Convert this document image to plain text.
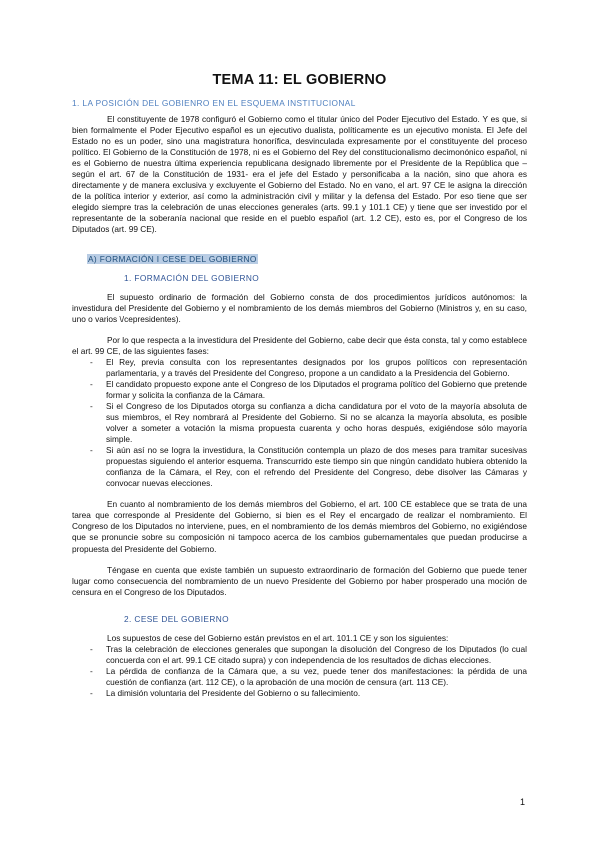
TEMA 11: EL GOBIERNO
1. LA POSICIÓN DEL GOBIENRO EN EL ESQUEMA INSTITUCIONAL

El constituyente de 1978 configuró el Gobierno como el titular único del Poder Ejecutivo del Estado. Y es que, si bien formalmente el Poder Ejecutivo español es un ejecutivo dualista, políticamente es un ejecutivo monista. El Jefe del Estado no es un poder, sino una magistratura honorífica, desvinculada expresamente por el constituyente del proceso político. El Gobierno de la Constitución de 1978, ni es el Gobierno del Rey del constitucionalismo decimonónico español, ni es el Gobierno de nuestra última experiencia republicana designado libremente por el Presidente de la República que –según el art. 67 de la Constitución de 1931- era el jefe del Estado y personificaba a la nación, sino que ahora es directamente y de manera exclusiva y excluyente el Gobierno del Estado. No en vano, el art. 97 CE le asigna la dirección de la política interior y exterior, así como la administración civil y militar y la defensa del Estado. Por eso tiene que ser elegido siempre tras la celebración de unas elecciones generales (arts. 99.1 y 101.1 CE) y tiene que ser investido por el representante de la soberanía nacional que reside en el pueblo español (art. 1.2 CE), esto es, por el Congreso de los Diputados (art. 99 CE).

A) FORMACIÓN I CESE DEL GOBIERNO
1. FORMACIÓN DEL GOBIERNO

El supuesto ordinario de formación del Gobierno consta de dos procedimientos jurídicos autónomos: la investidura del Presidente del Gobierno y el nombramiento de los demás miembros del Gobierno (Ministros y, en su caso, uno o varios \/cepresidentes).

Por lo que respecta a la investidura del Presidente del Gobierno, cabe decir que ésta consta, tal y como establece el art. 99 CE, de las siguientes fases:

- El Rey, previa consulta con los representantes designados por los grupos políticos con representación parlamentaria, y a través del Presidente del Congreso, propone a un candidato a la Presidencia del Gobierno.
- El candidato propuesto expone ante el Congreso de los Diputados el programa político del Gobierno que pretende formar y solicita la confianza de la Cámara.
- Si el Congreso de los Diputados otorga su confianza a dicha candidatura por el voto de la mayoría absoluta de sus miembros, el Rey nombrará al Presidente del Gobierno. Si no se alcanza la mayoría absoluta, es posible volver a someter a votación la misma propuesta cuarenta y ocho horas después, exigiéndose sólo mayoría simple.
- Si aún así no se logra la investidura, la Constitución contempla un plazo de dos meses para tramitar sucesivas propuestas siguiendo el anterior esquema. Transcurrido este tiempo sin que ningún candidato hubiera obtenido la confianza de la Cámara, el Rey, con el refrendo del Presidente del Congreso, debe disolver las Cámaras y convocar nuevas elecciones.

En cuanto al nombramiento de los demás miembros del Gobierno, el art. 100 CE establece que se trata de una tarea que corresponde al Presidente del Gobierno, si bien es el Rey el encargado de realizar el nombramiento. El Congreso de los Diputados no interviene, pues, en el nombramiento de los demás miembros del Gobierno, no exigiéndose que se pronuncie sobre su composición ni tampoco acerca de los cambios gubernamentales que puedan producirse a propuesta del Presidente del Gobierno.

Téngase en cuenta que existe también un supuesto extraordinario de formación del Gobierno que puede tener lugar como consecuencia del nombramiento de un nuevo Presidente del Gobierno por haber prosperado una moción de censura en el Congreso de los Diputados.

2. CESE DEL GOBIERNO

Los supuestos de cese del Gobierno están previstos en el art. 101.1 CE y son los siguientes:

- Tras la celebración de elecciones generales que supongan la disolución del Congreso de los Diputados (lo cual concuerda con el art. 99.1 CE citado supra) y con independencia de los resultados de dichas elecciones.
- La pérdida de confianza de la Cámara que, a su vez, puede tener dos manifestaciones: la pérdida de una cuestión de confianza (art. 112 CE), o la aprobación de una moción de censura (art. 113 CE).
- La dimisión voluntaria del Presidente del Gobierno o su fallecimiento.
1
